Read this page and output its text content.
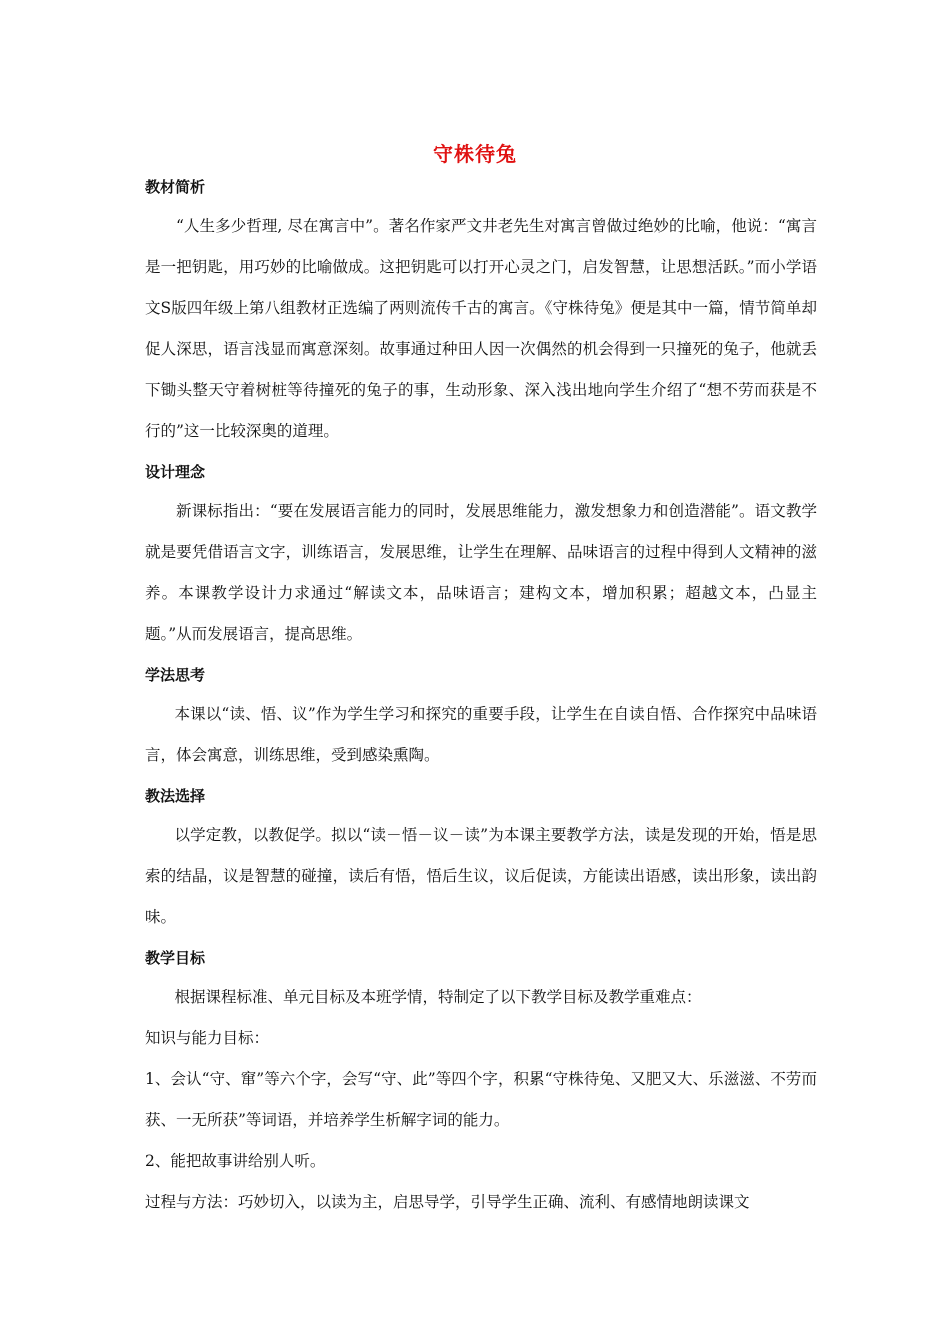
守株待兔
教材简析

“人生多少哲理, 尽在寓言中”。著名作家严文井老先生对寓言曾做过绝妙的比喻，他说：“寓言是一把钥匙，用巧妙的比喻做成。这把钥匙可以打开心灵之门，启发智慧，让思想活跃。”而小学语文S版四年级上第八组教材正选编了两则流传千古的寓言。《守株待兔》便是其中一篇，情节简单却促人深思，语言浅显而寓意深刻。故事通过种田人因一次偶然的机会得到一只撞死的兔子，他就丢下锄头整天守着树桩等待撞死的兔子的事，生动形象、深入浅出地向学生介绍了“想不劳而获是不行的”这一比较深奥的道理。

设计理念

新课标指出：“要在发展语言能力的同时，发展思维能力，激发想象力和创造潜能”。语文教学就是要凭借语言文字，训练语言，发展思维，让学生在理解、品味语言的过程中得到人文精神的滋养。本课教学设计力求通过“解读文本，品味语言；建构文本，增加积累；超越文本，凸显主题。”从而发展语言，提高思维。

学法思考

本课以“读、悟、议”作为学生学习和探究的重要手段，让学生在自读自悟、合作探究中品味语言，体会寓意，训练思维，受到感染熏陶。

教法选择

以学定教，以教促学。拟以“读－悟－议－读”为本课主要教学方法，读是发现的开始，悟是思索的结晶，议是智慧的碰撞，读后有悟，悟后生议，议后促读，方能读出语感，读出形象，读出韵味。

教学目标

根据课程标准、单元目标及本班学情，特制定了以下教学目标及教学重难点：

知识与能力目标：

1、会认“守、窜”等六个字，会写“守、此”等四个字，积累“守株待兔、又肥又大、乐滋滋、不劳而获、一无所获”等词语，并培养学生析解字词的能力。

2、能把故事讲给别人听。

过程与方法：巧妙切入，以读为主，启思导学，引导学生正确、流利、有感情地朗读课文
